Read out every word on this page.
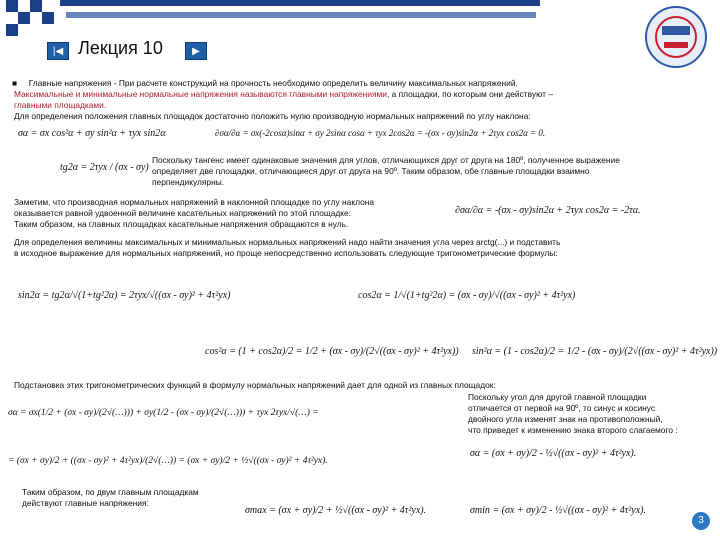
|◀	▶
Лекция 10
■ Главные напряжения - При расчете конструкций на прочность необходимо определить величину максимальных напряжений.
Максимальные и минимальные нормальные напряжения называются главными напряжениями, а площадки, по которым они действуют –
главными площадками.
Для определения положения главных площадок достаточно положить нулю производную нормальных напряжений по углу наклона:
σα = σx cos²α + σy sin²α + τyx sin2α	∂σα/∂α = σx(-2cosα)sinα + σy 2sinα cosα + τyx 2cos2α = -(σx - σy)sin2α + 2τyx cos2α = 0.
tg2α = 2τyx / (σx - σy)
Поскольку тангенс имеет одинаковые значения для углов, отличающихся друг от друга на 180º, полученное выражение
определяет две площадки, отличающиеся друг от друга на 90º. Таким образом, обе главные площадки взаимно
перпендикулярны.
Заметим, что производная нормальных напряжений в наклонной площадке по углу наклона
оказывается равной удвоенной величине касательных напряжений по этой площадке:
Таким образом, на главных площадках касательные напряжения обращаются в нуль.
∂σα/∂α = -(σx - σy)sin2α + 2τyx cos2α = -2τα.
Для определения величины максимальных и минимальных нормальных напряжений надо найти значения угла через arctg(...) и подставить
в исходное выражение для нормальных напряжений, но проще непосредственно использовать следующие тригонометрические формулы:
sin2α = tg2α/√(1+tg²2α) = 2τyx/√((σx - σy)² + 4τ²yx)	cos2α = 1/√(1+tg²2α) = (σx - σy)/√((σx - σy)² + 4τ²yx)
cos²α = (1 + cos2α)/2 = 1/2 + (σx - σy)/(2√((σx - σy)² + 4τ²yx)) sin²α = (1 - cos2α)/2 = 1/2 - (σx - σy)/(2√((σx - σy)² + 4τ²yx))
Подстановка этих тригонометрических функций в формулу нормальных напряжений дает для одной из главных площадок:
σα = σx(1/2 + (σx - σy)/(2√(…))) + σy(1/2 - (σx - σy)/(2√(…))) + τyx 2τyx/√(…) =
= (σx + σy)/2 + ((σx - σy)² + 4τ²yx)/(2√(…)) = (σx + σy)/2 + ½√((σx - σy)² + 4τ²yx).
Поскольку угол для другой главной площадки
отличается от первой на 90º, то синус и косинус
двойного угла изменят знак на противоположный,
что приведет к изменению знака второго слагаемого :
σα = (σx + σy)/2 - ½√((σx - σy)² + 4τ²yx).
Таким образом, по двум главным площадкам
действуют главные напряжения:
σmax = (σx + σy)/2 + ½√((σx - σy)² + 4τ²yx).	σmin = (σx + σy)/2 - ½√((σx - σy)² + 4τ²yx).
3
